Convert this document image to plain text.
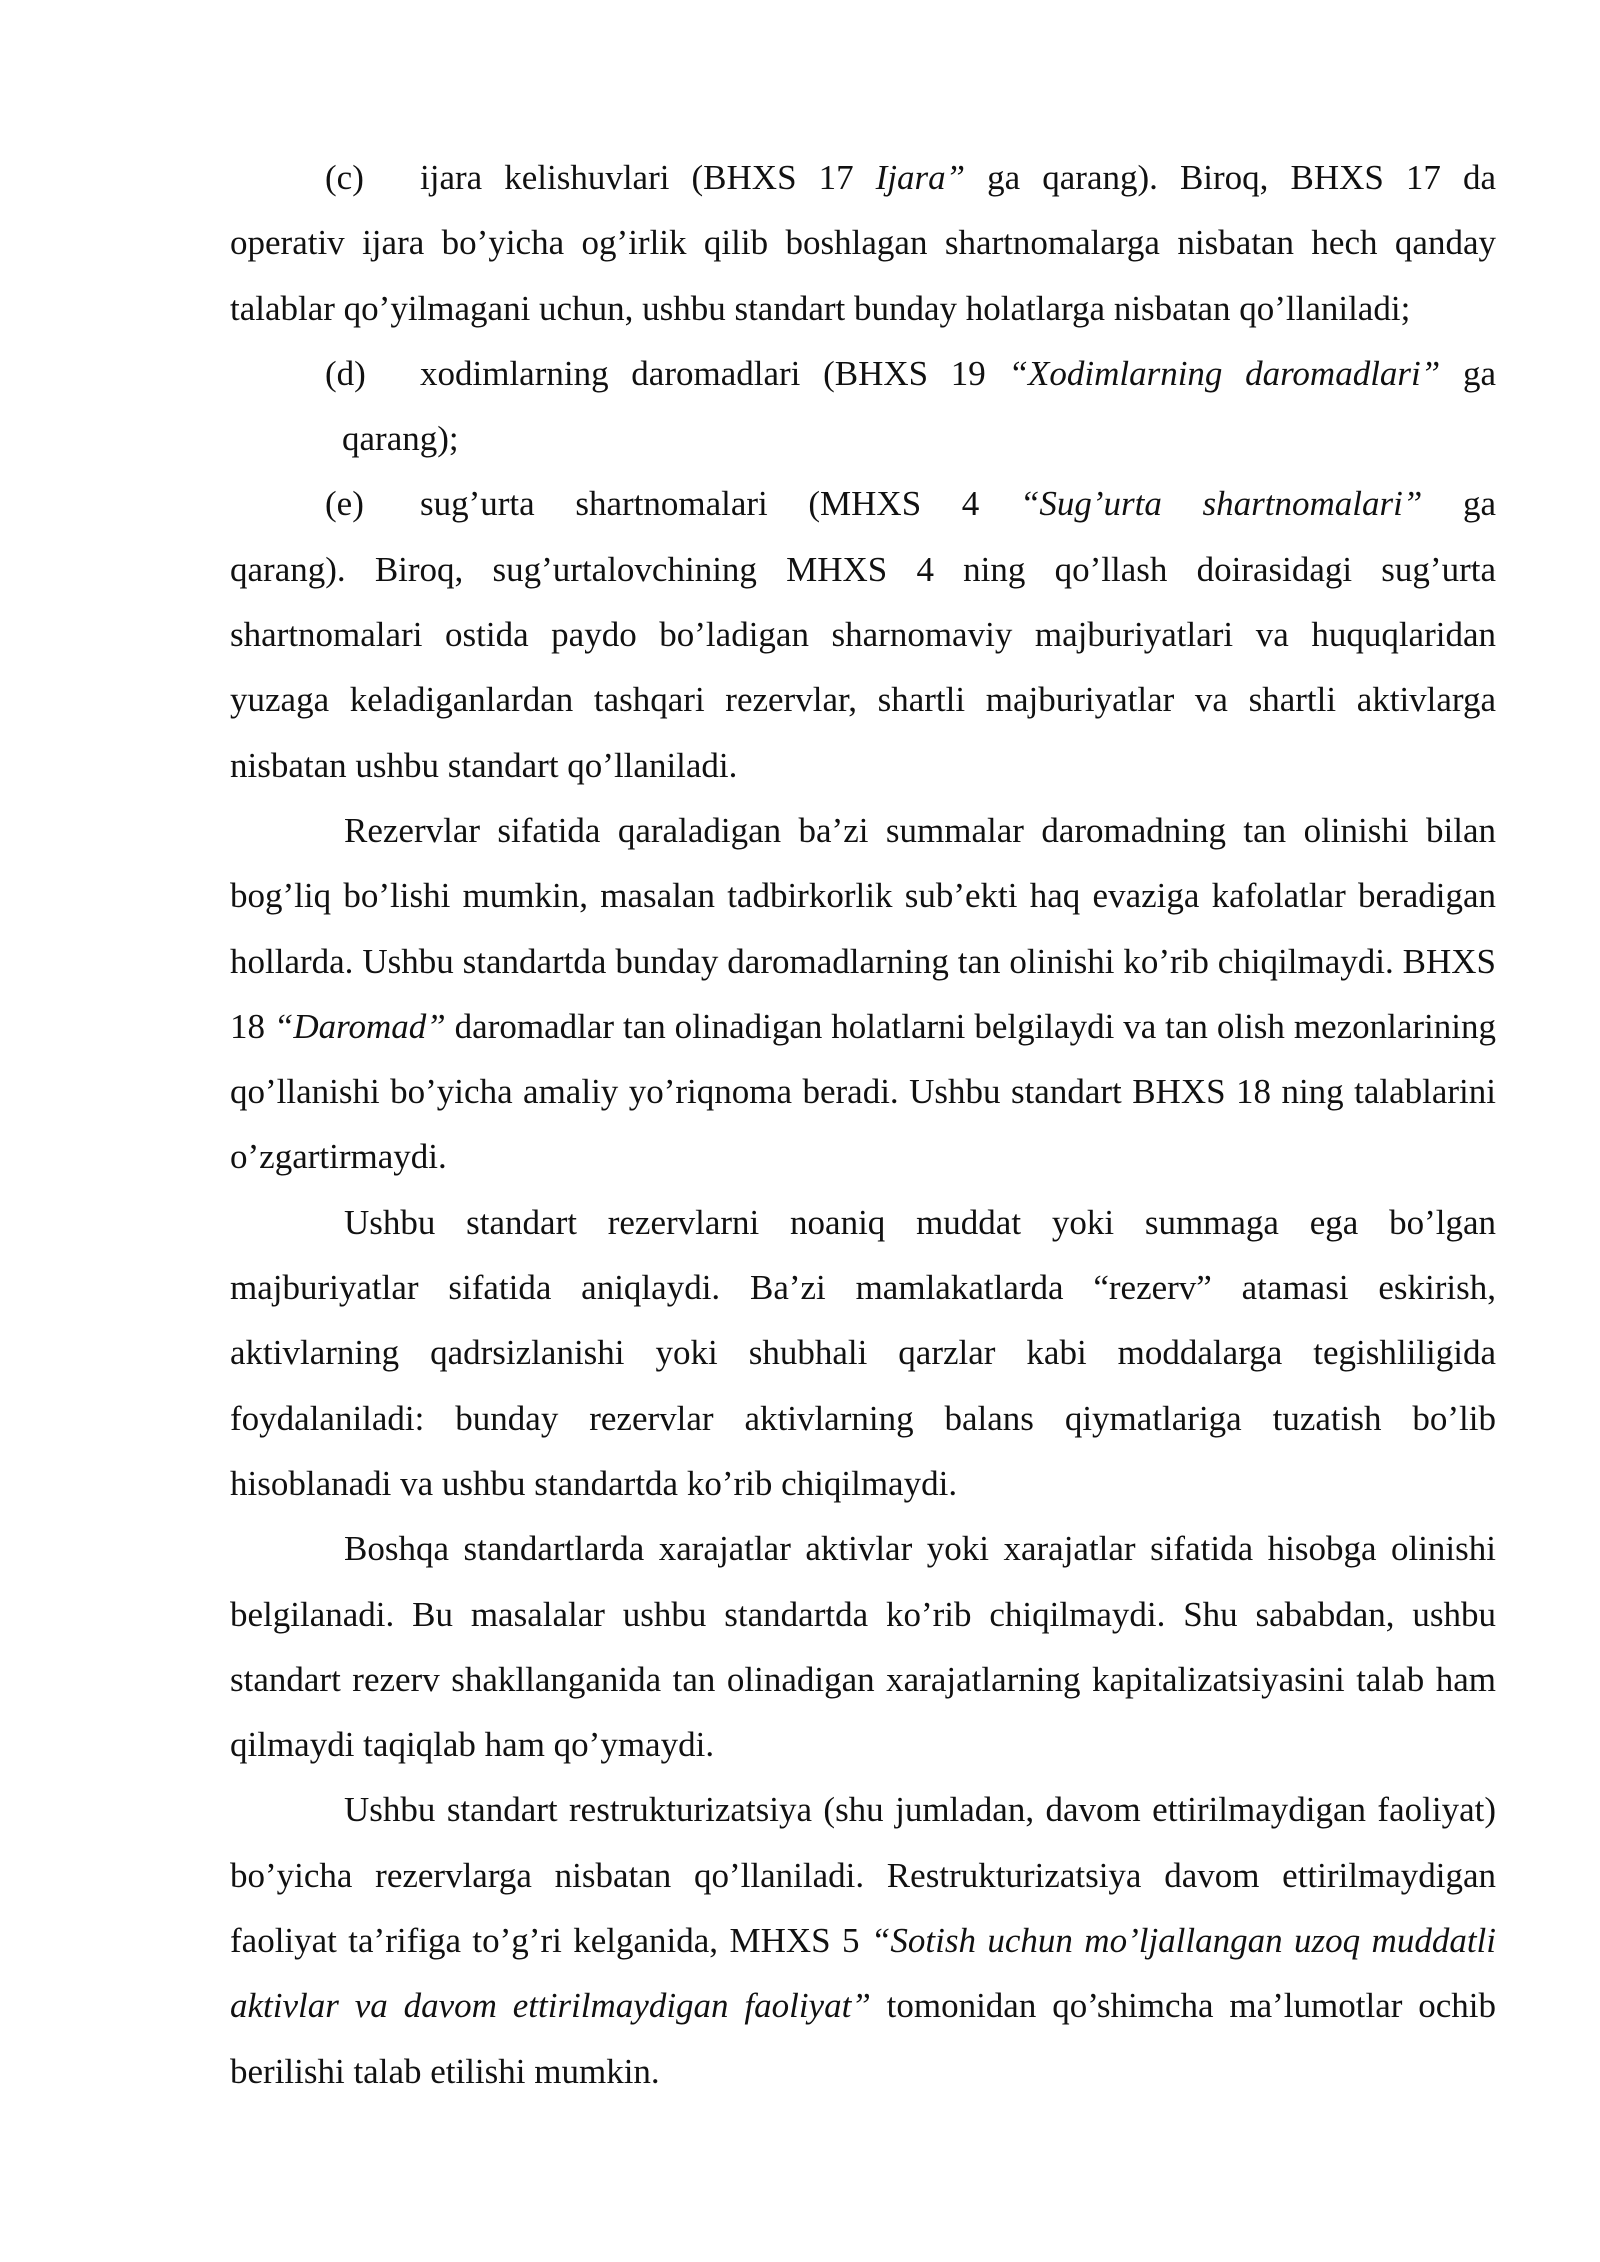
(c)	ijara kelishuvlari (BHXS 17 Ijara” ga qarang). Biroq, BHXS 17 da

operativ ijara bo’yicha og’irlik qilib boshlagan shartnomalarga nisbatan hech qanday talablar qo’yilmagani uchun, ushbu standart bunday holatlarga nisbatan qo’llaniladi;

(d)	xodimlarning daromadlari (BHXS 19 “Xodimlarning daromadlari” ga
qarang);
(e)	sug’urta shartnomalari (MHXS 4 “Sug’urta shartnomalari” ga

qarang). Biroq, sug’urtalovchining MHXS 4 ning qo’llash doirasidagi sug’urta shartnomalari ostida paydo bo’ladigan sharnomaviy majburiyatlari va huquqlaridan yuzaga keladiganlardan tashqari rezervlar, shartli majburiyatlar va shartli aktivlarga nisbatan ushbu standart qo’llaniladi.

Rezervlar sifatida qaraladigan ba’zi summalar daromadning tan olinishi bilan bog’liq bo’lishi mumkin, masalan tadbirkorlik sub’ekti haq evaziga kafolatlar beradigan hollarda. Ushbu standartda bunday daromadlarning tan olinishi ko’rib chiqilmaydi. BHXS 18 “Daromad” daromadlar tan olinadigan holatlarni belgilaydi va tan olish mezonlarining qo’llanishi bo’yicha amaliy yo’riqnoma beradi. Ushbu standart BHXS 18 ning talablarini o’zgartirmaydi.

Ushbu standart rezervlarni noaniq muddat yoki summaga ega bo’lgan majburiyatlar sifatida aniqlaydi. Ba’zi mamlakatlarda “rezerv” atamasi eskirish, aktivlarning qadrsizlanishi yoki shubhali qarzlar kabi moddalarga tegishliligida foydalaniladi: bunday rezervlar aktivlarning balans qiymatlariga tuzatish bo’lib hisoblanadi va ushbu standartda ko’rib chiqilmaydi.

Boshqa standartlarda xarajatlar aktivlar yoki xarajatlar sifatida hisobga olinishi belgilanadi. Bu masalalar ushbu standartda ko’rib chiqilmaydi. Shu sababdan, ushbu standart rezerv shakllanganida tan olinadigan xarajatlarning kapitalizatsiyasini talab ham qilmaydi taqiqlab ham qo’ymaydi.

Ushbu standart restrukturizatsiya (shu jumladan, davom ettirilmaydigan faoliyat) bo’yicha rezervlarga nisbatan qo’llaniladi. Restrukturizatsiya davom ettirilmaydigan faoliyat ta’rifiga to’g’ri kelganida, MHXS 5 “Sotish uchun mo’ljallangan uzoq muddatli aktivlar va davom ettirilmaydigan faoliyat” tomonidan qo’shimcha ma’lumotlar ochib berilishi talab etilishi mumkin.
